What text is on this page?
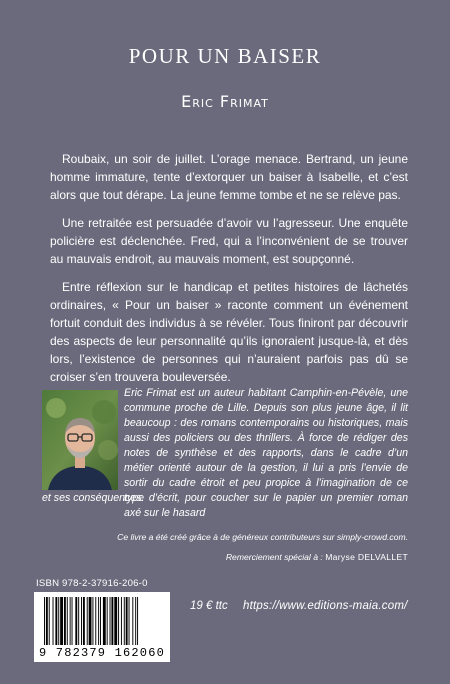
POUR UN BAISER
Eric Frimat

Roubaix, un soir de juillet. L’orage menace. Bertrand, un jeune homme immature, tente d’extorquer un baiser à Isabelle, et c’est alors que tout dérape. La jeune femme tombe et ne se relève pas.

Une retraitée est persuadée d’avoir vu l’agresseur. Une enquête policière est déclenchée. Fred, qui a l’inconvénient de se trouver au mauvais endroit, au mauvais moment, est soupçonné.

Entre réflexion sur le handicap et petites histoires de lâchetés ordinaires, « Pour un baiser » raconte comment un événement fortuit conduit des individus à se révéler. Tous finiront par découvrir des aspects de leur personnalité qu’ils ignoraient jusque-là, et dès lors, l’existence de personnes qui n’auraient parfois pas dû se croiser s’en trouvera bouleversée.

Eric Frimat est un auteur habitant Camphin-en-Pévèle, une commune proche de Lille. Depuis son plus jeune âge, il lit beaucoup : des romans contemporains ou historiques, mais aussi des policiers ou des thrillers. À force de rédiger des notes de synthèse et des rapports, dans le cadre d’un métier orienté autour de la gestion, il lui a pris l’envie de sortir du cadre étroit et peu propice à l’imagination de ce type d’écrit, pour coucher sur le papier un premier roman axé sur le hasard
et ses conséquences.
Ce livre a été créé grâce à de généreux contributeurs sur simply-crowd.com.
Remerciement spécial à : Maryse DELVALLET
ISBN 978-2-37916-206-0
9 782379 162060
19 € ttc https://www.editions-maia.com/
